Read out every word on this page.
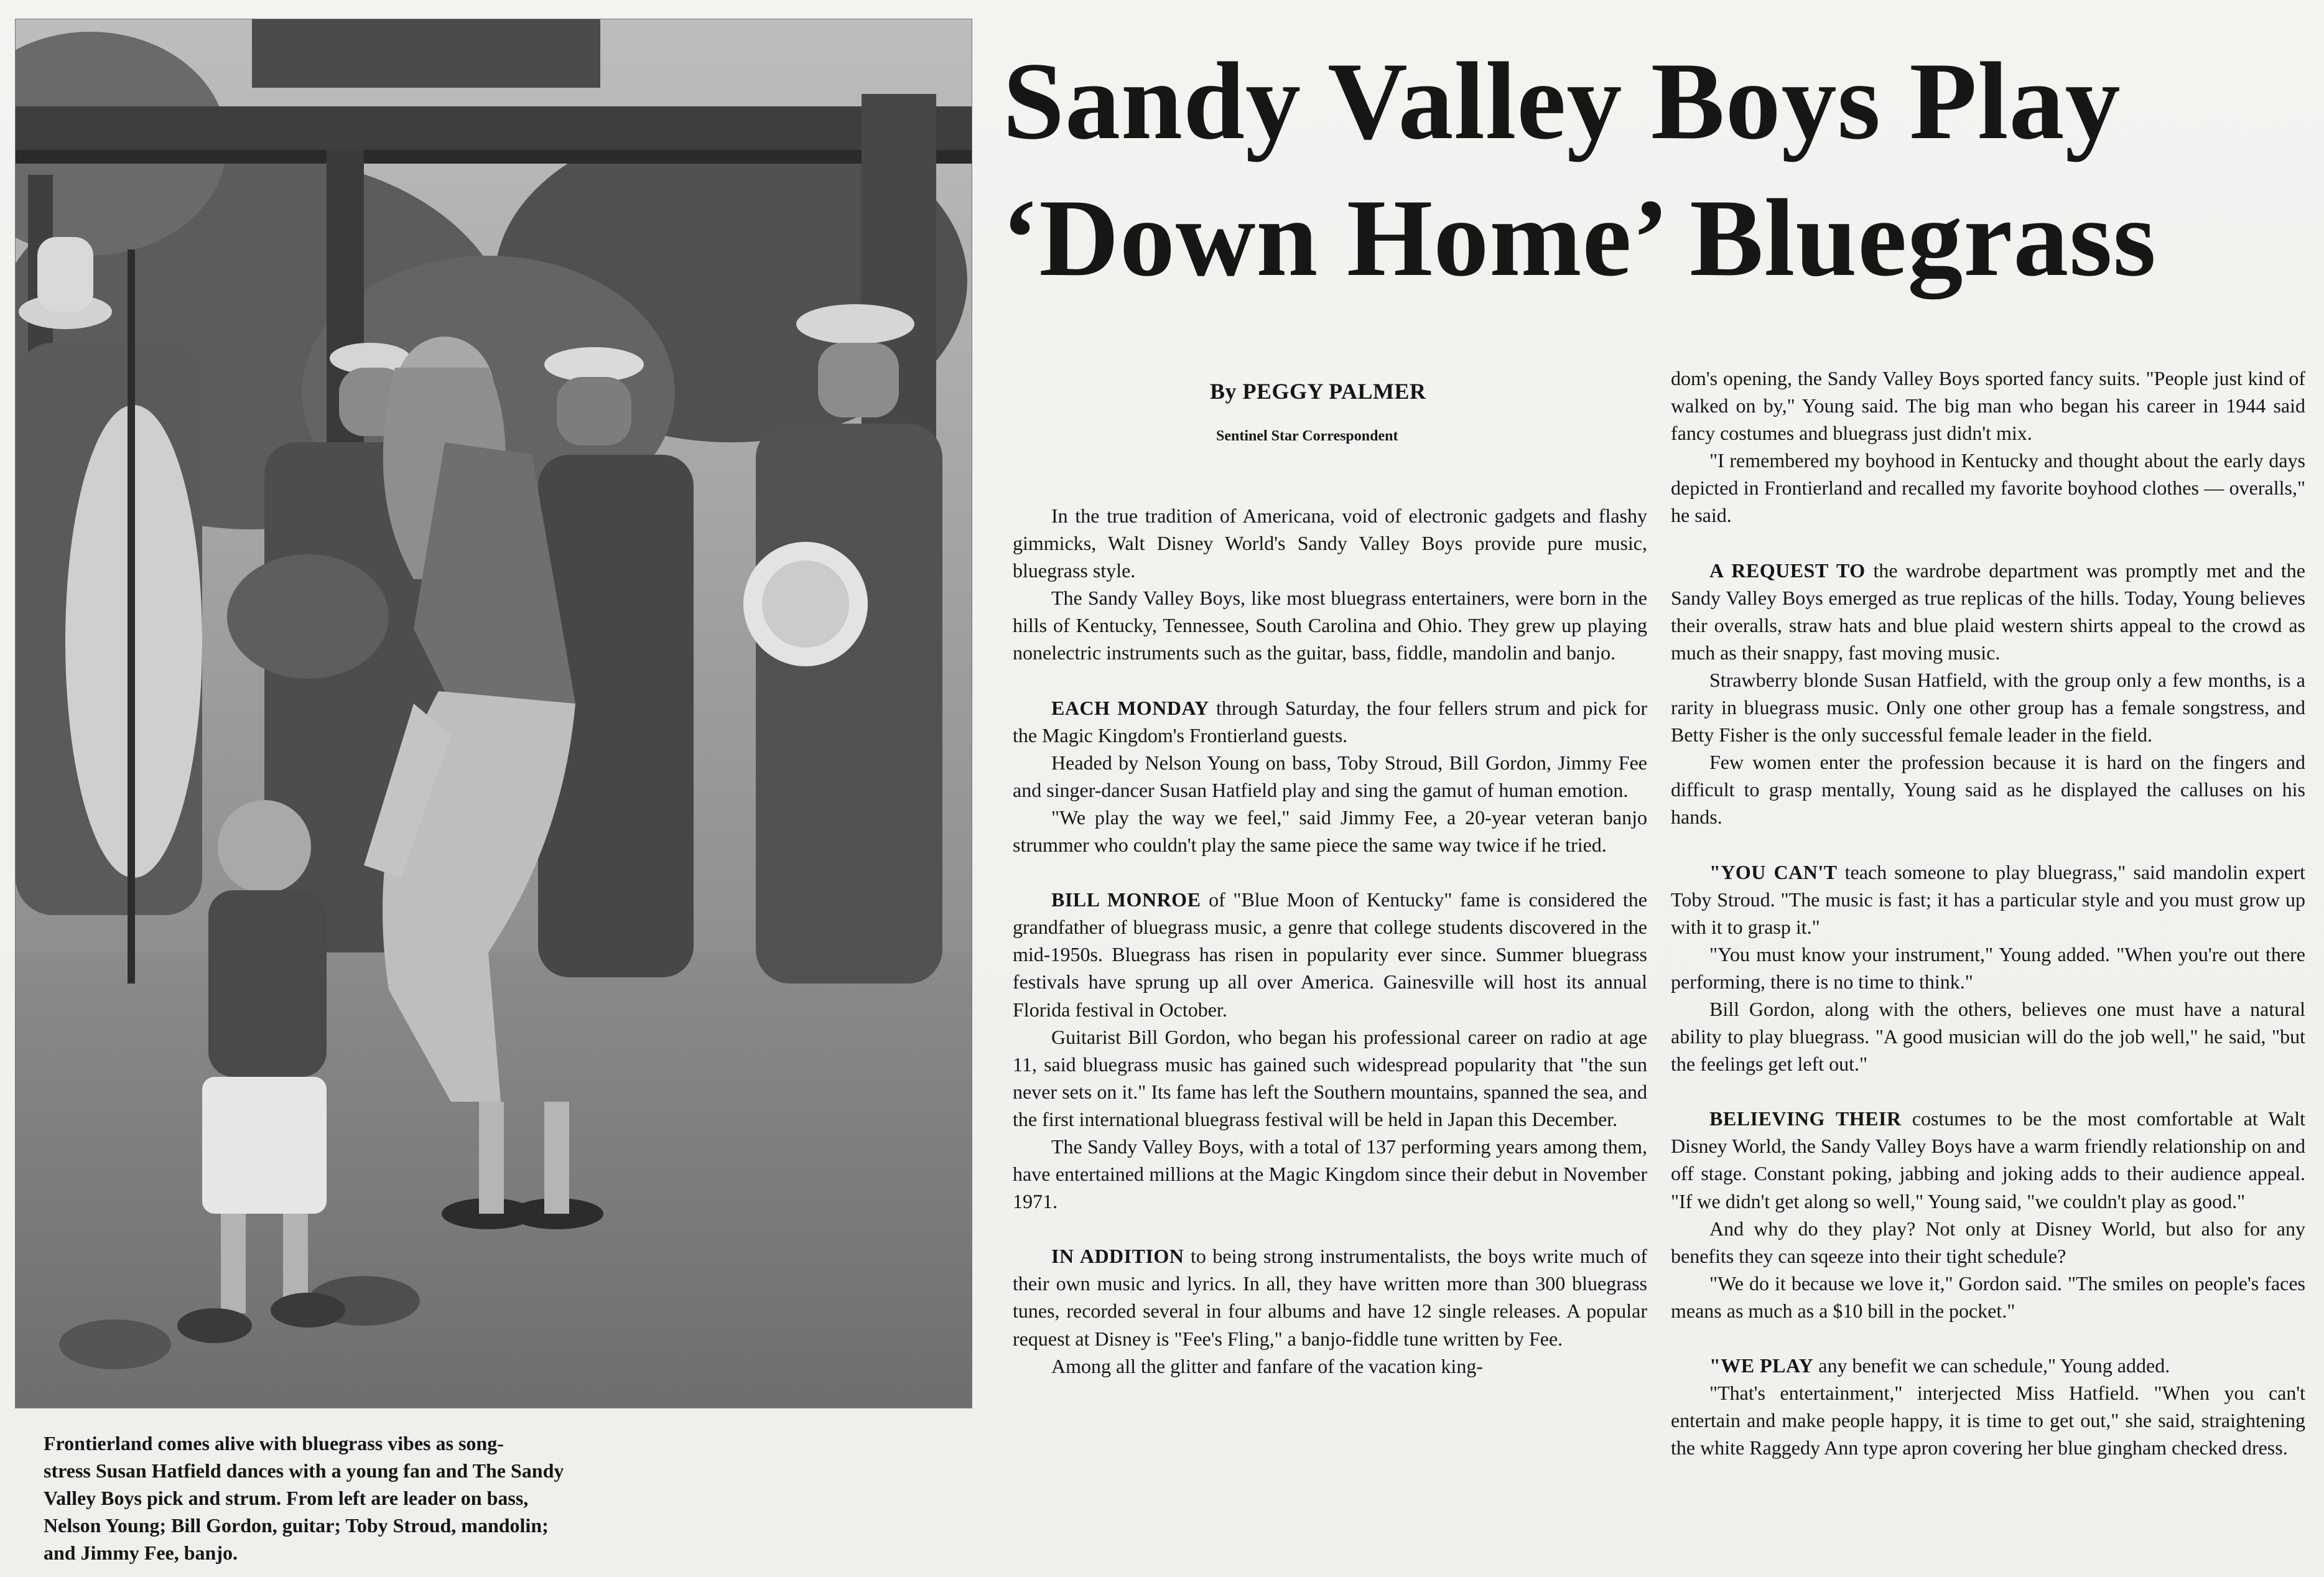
Frontierland comes alive with bluegrass vibes as song-
stress Susan Hatfield dances with a young fan and The Sandy
Valley Boys pick and strum. From left are leader on bass,
Nelson Young; Bill Gordon, guitar; Toby Stroud, mandolin;
and Jimmy Fee, banjo.
Sandy Valley Boys Play
‘Down Home’ Bluegrass
By PEGGY PALMER
Sentinel Star Correspondent

In the true tradition of Americana, void of electronic gadgets and flashy gimmicks, Walt Disney World's Sandy Valley Boys provide pure music, bluegrass style.

The Sandy Valley Boys, like most bluegrass entertainers, were born in the hills of Kentucky, Tennessee, South Carolina and Ohio. They grew up playing nonelectric instruments such as the guitar, bass, fiddle, mandolin and banjo.

EACH MONDAY through Saturday, the four fellers strum and pick for the Magic Kingdom's Frontierland guests.

Headed by Nelson Young on bass, Toby Stroud, Bill Gordon, Jimmy Fee and singer-dancer Susan Hatfield play and sing the gamut of human emotion.

"We play the way we feel," said Jimmy Fee, a 20-year veteran banjo strummer who couldn't play the same piece the same way twice if he tried.

BILL MONROE of "Blue Moon of Kentucky" fame is considered the grandfather of bluegrass music, a genre that college students discovered in the mid-1950s. Bluegrass has risen in popularity ever since. Summer bluegrass festivals have sprung up all over America. Gainesville will host its annual Florida festival in October.

Guitarist Bill Gordon, who began his professional career on radio at age 11, said bluegrass music has gained such widespread popularity that "the sun never sets on it." Its fame has left the Southern mountains, spanned the sea, and the first international bluegrass festival will be held in Japan this December.

The Sandy Valley Boys, with a total of 137 performing years among them, have entertained millions at the Magic Kingdom since their debut in November 1971.

IN ADDITION to being strong instrumentalists, the boys write much of their own music and lyrics. In all, they have written more than 300 bluegrass tunes, recorded several in four albums and have 12 single releases. A popular request at Disney is "Fee's Fling," a banjo-fiddle tune written by Fee.

Among all the glitter and fanfare of the vacation king-

dom's opening, the Sandy Valley Boys sported fancy suits. "People just kind of walked on by," Young said. The big man who began his career in 1944 said fancy costumes and bluegrass just didn't mix.

"I remembered my boyhood in Kentucky and thought about the early days depicted in Frontierland and recalled my favorite boyhood clothes — overalls," he said.

A REQUEST TO the wardrobe department was promptly met and the Sandy Valley Boys emerged as true replicas of the hills. Today, Young believes their overalls, straw hats and blue plaid western shirts appeal to the crowd as much as their snappy, fast moving music.

Strawberry blonde Susan Hatfield, with the group only a few months, is a rarity in bluegrass music. Only one other group has a female songstress, and Betty Fisher is the only successful female leader in the field.

Few women enter the profession because it is hard on the fingers and difficult to grasp mentally, Young said as he displayed the calluses on his hands.

"YOU CAN'T teach someone to play bluegrass," said mandolin expert Toby Stroud. "The music is fast; it has a particular style and you must grow up with it to grasp it."

"You must know your instrument," Young added. "When you're out there performing, there is no time to think."

Bill Gordon, along with the others, believes one must have a natural ability to play bluegrass. "A good musician will do the job well," he said, "but the feelings get left out."

BELIEVING THEIR costumes to be the most comfortable at Walt Disney World, the Sandy Valley Boys have a warm friendly relationship on and off stage. Constant poking, jabbing and joking adds to their audience appeal. "If we didn't get along so well," Young said, "we couldn't play as good."

And why do they play? Not only at Disney World, but also for any benefits they can sqeeze into their tight schedule?

"We do it because we love it," Gordon said. "The smiles on people's faces means as much as a $10 bill in the pocket."

"WE PLAY any benefit we can schedule," Young added.

"That's entertainment," interjected Miss Hatfield. "When you can't entertain and make people happy, it is time to get out," she said, straightening the white Raggedy Ann type apron covering her blue gingham checked dress.
